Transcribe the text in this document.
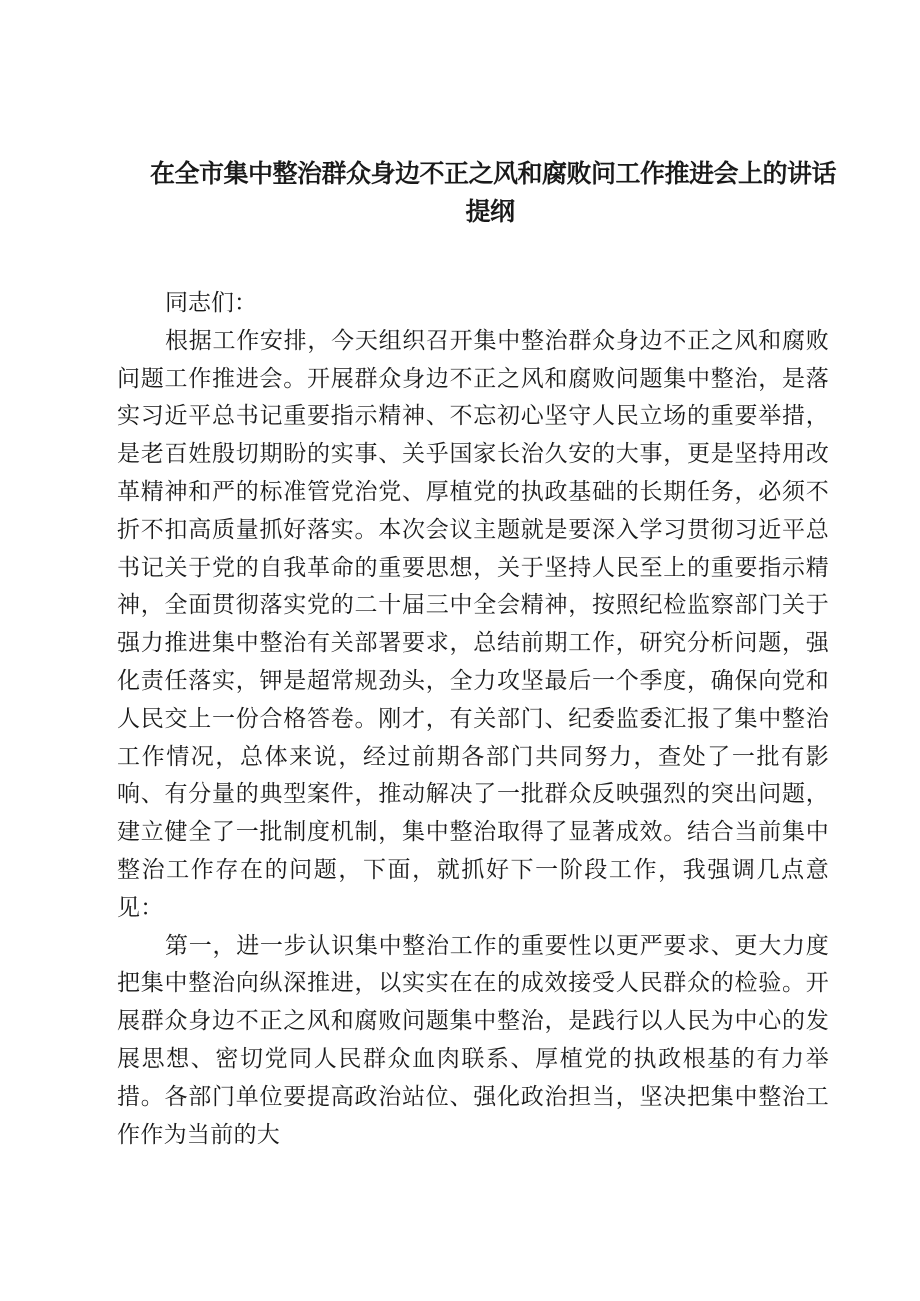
在全市集中整治群众身边不正之风和腐败问工作推进会上的讲话
提纲

同志们：

根据工作安排，今天组织召开集中整治群众身边不正之风和腐败问题工作推进会。开展群众身边不正之风和腐败问题集中整治，是落实习近平总书记重要指示精神、不忘初心坚守人民立场的重要举措，是老百姓殷切期盼的实事、关乎国家长治久安的大事，更是坚持用改革精神和严的标准管党治党、厚植党的执政基础的长期任务，必须不折不扣高质量抓好落实。本次会议主题就是要深入学习贯彻习近平总书记关于党的自我革命的重要思想，关于坚持人民至上的重要指示精神，全面贯彻落实党的二十届三中全会精神，按照纪检监察部门关于强力推进集中整治有关部署要求，总结前期工作，研究分析问题，强化责任落实，钾是超常规劲头，全力攻坚最后一个季度，确保向党和人民交上一份合格答卷。刚才，有关部门、纪委监委汇报了集中整治工作情况，总体来说，经过前期各部门共同努力，查处了一批有影响、有分量的典型案件，推动解决了一批群众反映强烈的突出问题，建立健全了一批制度机制，集中整治取得了显著成效。结合当前集中整治工作存在的问题，下面，就抓好下一阶段工作，我强调几点意见：

第一，进一步认识集中整治工作的重要性以更严要求、更大力度把集中整治向纵深推进，以实实在在的成效接受人民群众的检验。开展群众身边不正之风和腐败问题集中整治，是践行以人民为中心的发展思想、密切党同人民群众血肉联系、厚植党的执政根基的有力举措。各部门单位要提高政治站位、强化政治担当，坚决把集中整治工作作为当前的大
